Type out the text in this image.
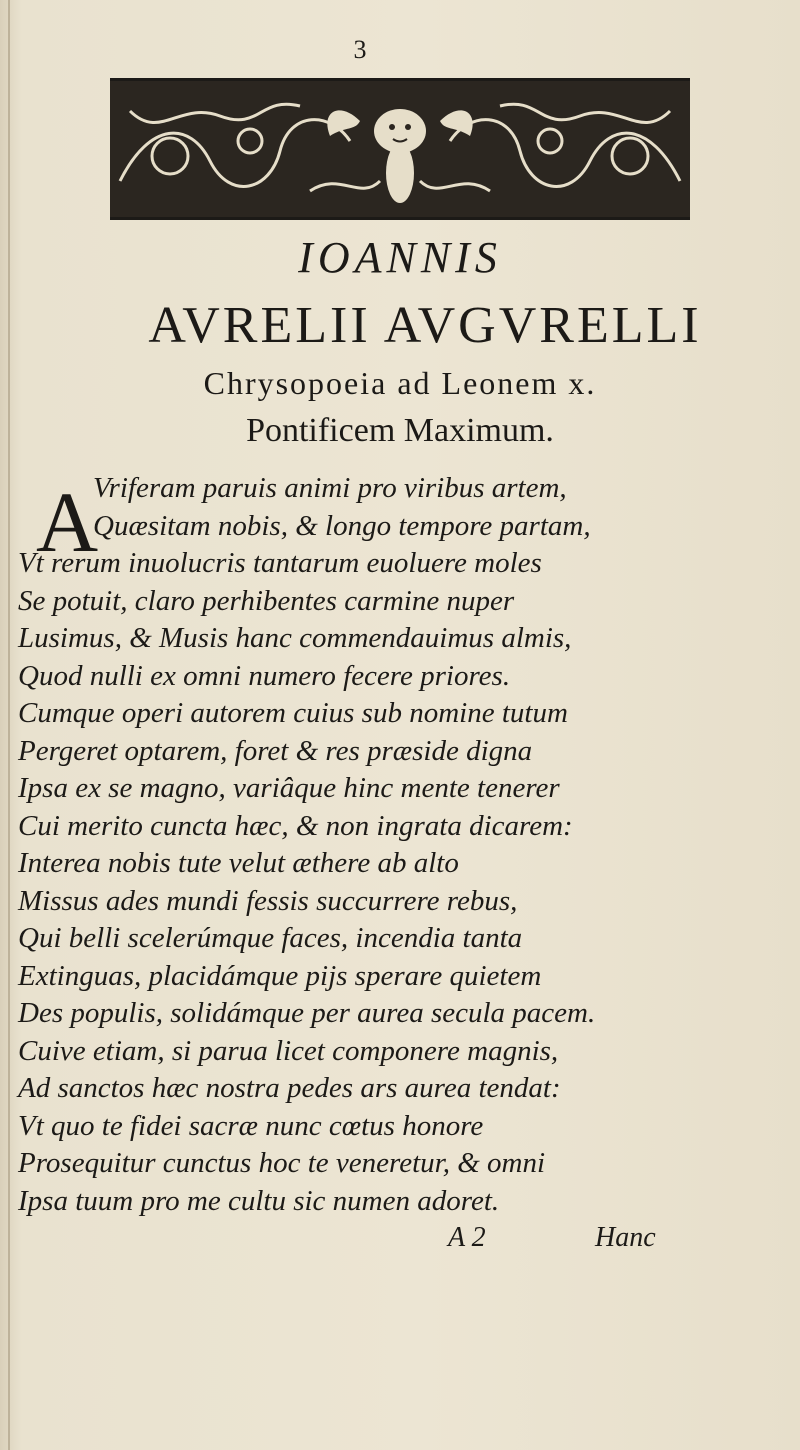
3
IOANNIS
AVRELII AVGVRELLI
Chrysopoeia ad Leonem x.
Pontificem Maximum.
A
Vriferam paruis animi pro viribus artem,
Quæsitam nobis, & longo tempore partam,
Vt rerum inuolucris tantarum euoluere moles
Se potuit, claro perhibentes carmine nuper
Lusimus, & Musis hanc commendauimus almis,
Quod nulli ex omni numero fecere priores.
Cumque operi autorem cuius sub nomine tutum
Pergeret optarem, foret & res præside digna
Ipsa ex se magno, variâque hinc mente tenerer
Cui merito cuncta hæc, & non ingrata dicarem:
Interea nobis tute velut æthere ab alto
Missus ades mundi fessis succurrere rebus,
Qui belli scelerúmque faces, incendia tanta
Extinguas, placidámque pijs sperare quietem
Des populis, solidámque per aurea secula pacem.
Cuive etiam, si parua licet componere magnis,
Ad sanctos hæc nostra pedes ars aurea tendat:
Vt quo te fidei sacræ nunc cœtus honore
Prosequitur cunctus hoc te veneretur, & omni
Ipsa tuum pro me cultu sic numen adoret.
A 2	Hanc
